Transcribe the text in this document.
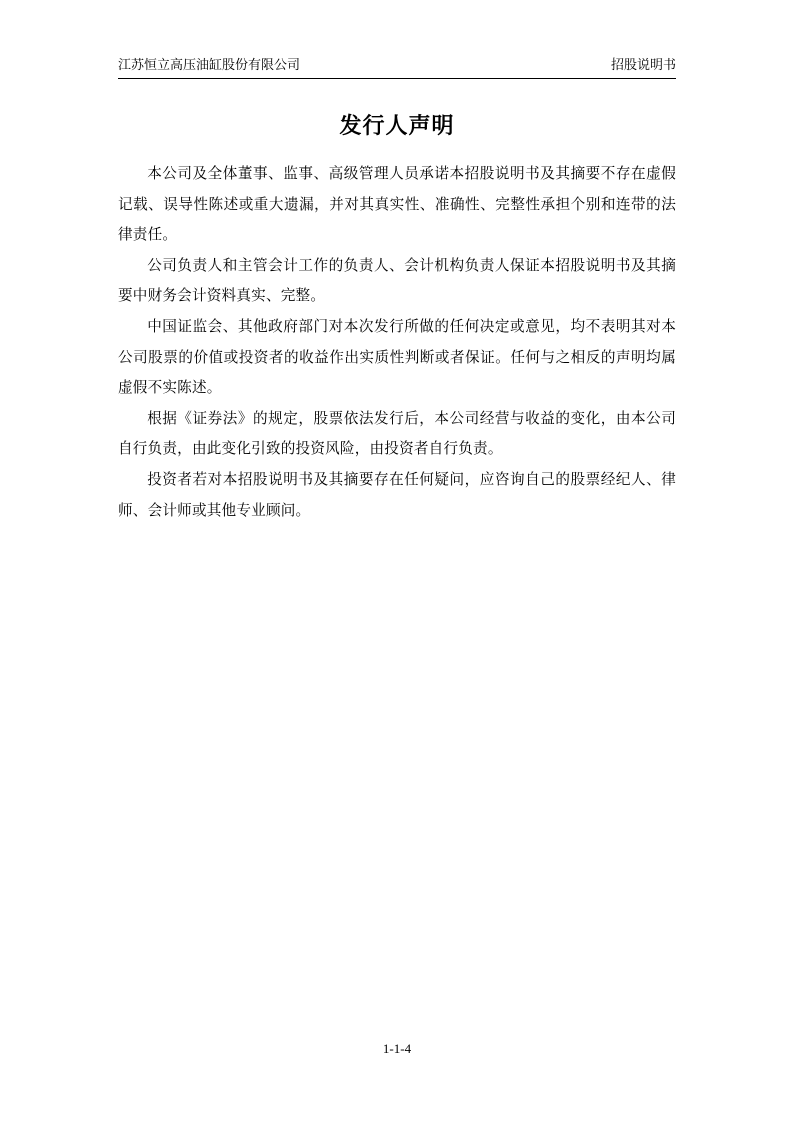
江苏恒立高压油缸股份有限公司	招股说明书
发行人声明

本公司及全体董事、监事、高级管理人员承诺本招股说明书及其摘要不存在虚假记载、误导性陈述或重大遗漏，并对其真实性、准确性、完整性承担个别和连带的法律责任。

公司负责人和主管会计工作的负责人、会计机构负责人保证本招股说明书及其摘要中财务会计资料真实、完整。

中国证监会、其他政府部门对本次发行所做的任何决定或意见，均不表明其对本公司股票的价值或投资者的收益作出实质性判断或者保证。任何与之相反的声明均属虚假不实陈述。

根据《证券法》的规定，股票依法发行后，本公司经营与收益的变化，由本公司自行负责，由此变化引致的投资风险，由投资者自行负责。

投资者若对本招股说明书及其摘要存在任何疑问，应咨询自己的股票经纪人、律师、会计师或其他专业顾问。

1-1-4
